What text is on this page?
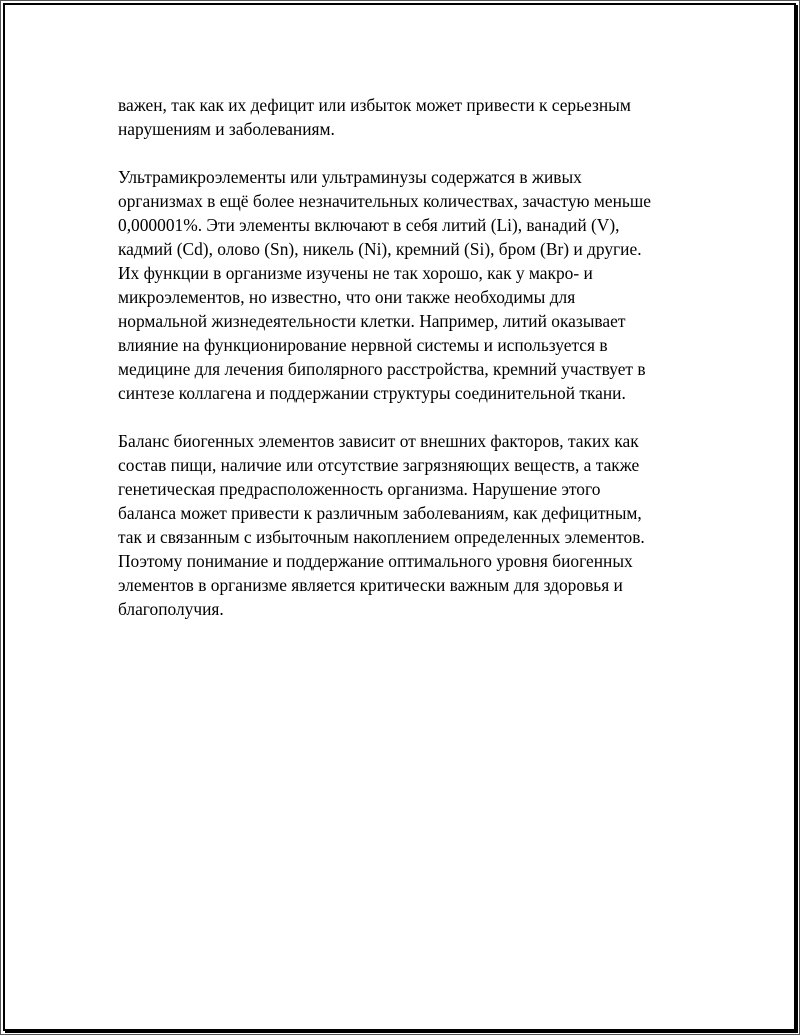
важен, так как их дефицит или избыток может привести к серьезным
нарушениям и заболеваниям.

Ультрамикроэлементы или ультраминузы содержатся в живых
организмах в ещё более незначительных количествах, зачастую меньше
0,000001%. Эти элементы включают в себя литий (Li), ванадий (V),
кадмий (Cd), олово (Sn), никель (Ni), кремний (Si), бром (Br) и другие.
Их функции в организме изучены не так хорошо, как у макро- и
микроэлементов, но известно, что они также необходимы для
нормальной жизнедеятельности клетки. Например, литий оказывает
влияние на функционирование нервной системы и используется в
медицине для лечения биполярного расстройства, кремний участвует в
синтезе коллагена и поддержании структуры соединительной ткани.

Баланс биогенных элементов зависит от внешних факторов, таких как
состав пищи, наличие или отсутствие загрязняющих веществ, а также
генетическая предрасположенность организма. Нарушение этого
баланса может привести к различным заболеваниям, как дефицитным,
так и связанным с избыточным накоплением определенных элементов.
Поэтому понимание и поддержание оптимального уровня биогенных
элементов в организме является критически важным для здоровья и
благополучия.
